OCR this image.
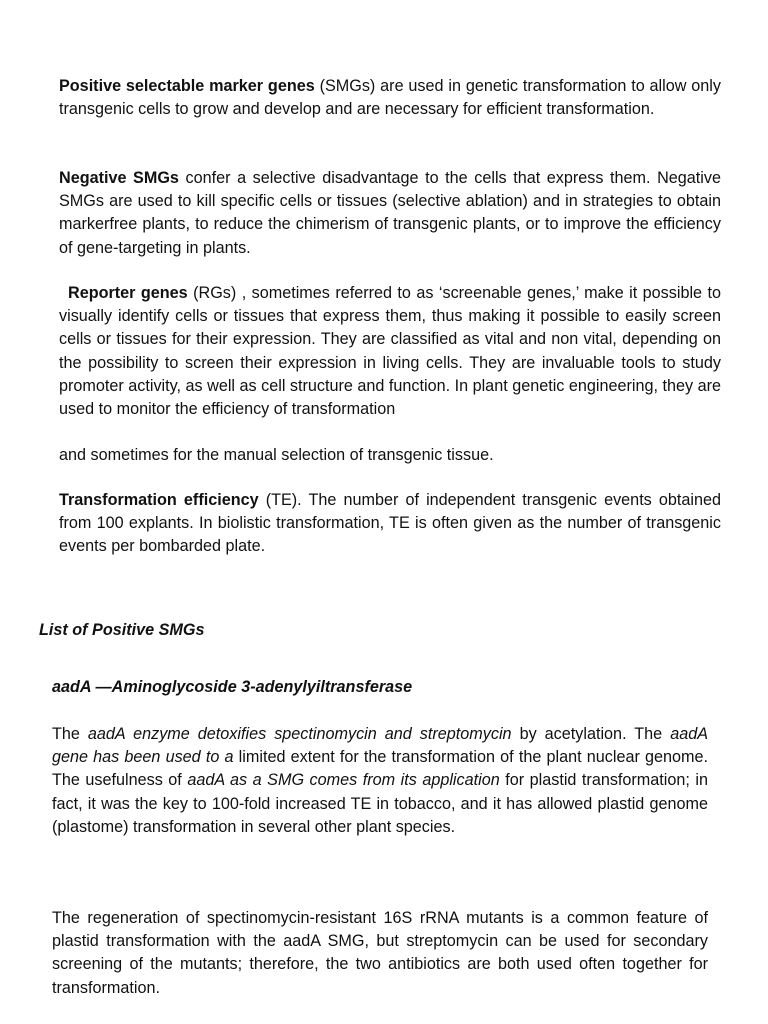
Positive selectable marker genes (SMGs) are used in genetic transformation to allow only transgenic cells to grow and develop and are necessary for efficient transformation.

Negative SMGs confer a selective disadvantage to the cells that express them. Negative SMGs are used to kill specific cells or tissues (selective ablation) and in strategies to obtain markerfree plants, to reduce the chimerism of transgenic plants, or to improve the efficiency of gene-targeting in plants.

Reporter genes (RGs) , sometimes referred to as ‘screenable genes,’ make it possible to visually identify cells or tissues that express them, thus making it possible to easily screen cells or tissues for their expression. They are classified as vital and non vital, depending on the possibility to screen their expression in living cells. They are invaluable tools to study promoter activity, as well as cell structure and function. In plant genetic engineering, they are used to monitor the efficiency of transformation

and sometimes for the manual selection of transgenic tissue.

Transformation efficiency (TE). The number of independent transgenic events obtained from 100 explants. In biolistic transformation, TE is often given as the number of transgenic events per bombarded plate.

List of Positive SMGs
aadA —Aminoglycoside 3-adenylyiltransferase

The aadA enzyme detoxifies spectinomycin and streptomycin by acetylation. The aadA gene has been used to a limited extent for the transformation of the plant nuclear genome. The usefulness of aadA as a SMG comes from its application for plastid transformation; in fact, it was the key to 100-fold increased TE in tobacco, and it has allowed plastid genome (plastome) transformation in several other plant species.

The regeneration of spectinomycin-resistant 16S rRNA mutants is a common feature of plastid transformation with the aadA SMG, but streptomycin can be used for secondary screening of the mutants; therefore, the two antibiotics are both used often together for transformation.
